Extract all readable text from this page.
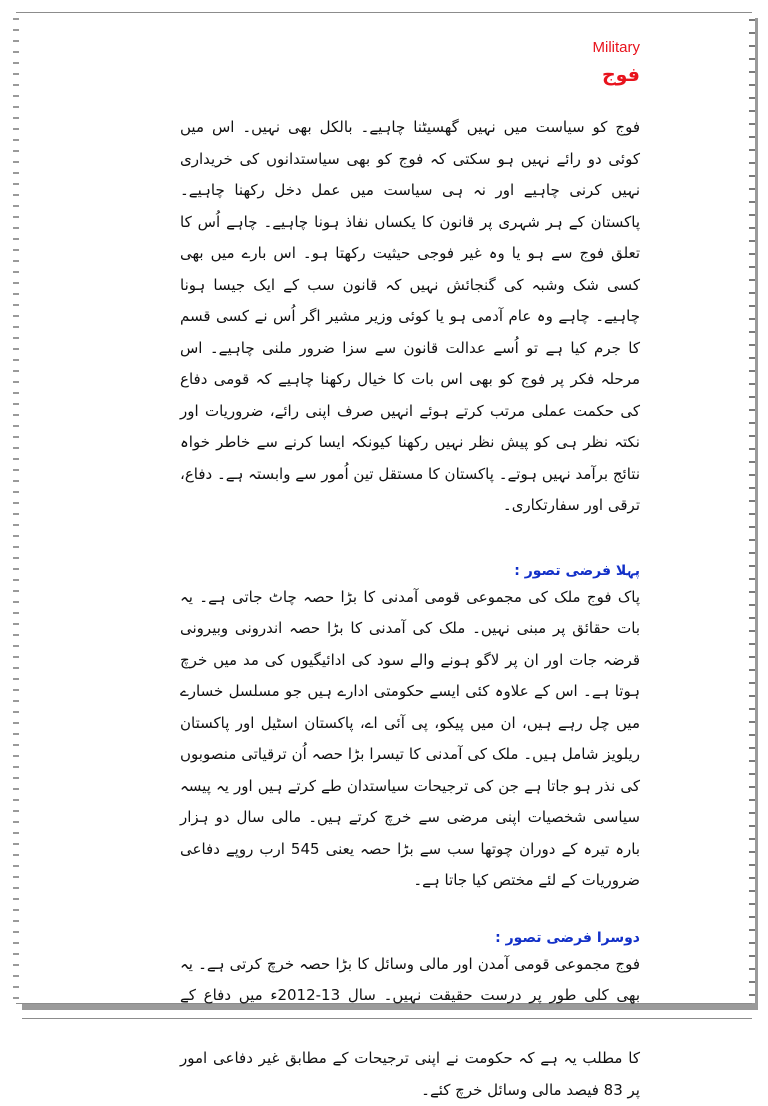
Military

فوج

فوج کو سیاست میں نہیں گھسیٹنا چاہیے۔ بالکل بھی نہیں۔ اس میں کوئی دو رائے نہیں ہو سکتی کہ فوج کو بھی سیاستدانوں کی خریداری نہیں کرنی چاہیے اور نہ ہی سیاست میں عمل دخل رکھنا چاہیے۔ پاکستان کے ہر شہری پر قانون کا یکساں نفاذ ہونا چاہیے۔ چاہے اُس کا تعلق فوج سے ہو یا وہ غیر فوجی حیثیت رکھتا ہو۔ اس بارے میں بھی کسی شک وشبہ کی گنجائش نہیں کہ قانون سب کے ایک جیسا ہونا چاہیے۔ چاہے وہ عام آدمی ہو یا کوئی وزیر مشیر اگر اُس نے کسی قسم کا جرم کیا ہے تو اُسے عدالت قانون سے سزا ضرور ملنی چاہیے۔ اس مرحلہ فکر پر فوج کو بھی اس بات کا خیال رکھنا چاہیے کہ قومی دفاع کی حکمت عملی مرتب کرتے ہوئے انہیں صرف اپنی رائے، ضروریات اور نکتہ نظر ہی کو پیش نظر نہیں رکھنا کیونکہ ایسا کرنے سے خاطر خواہ نتائج برآمد نہیں ہوتے۔ پاکستان کا مستقل تین اُمور سے وابستہ ہے۔ دفاع، ترقی اور سفارتکاری۔

پہلا فرضی تصور :

پاک فوج ملک کی مجموعی قومی آمدنی کا بڑا حصہ چاٹ جاتی ہے۔ یہ بات حقائق پر مبنی نہیں۔ ملک کی آمدنی کا بڑا حصہ اندرونی وبیرونی قرضہ جات اور ان پر لاگو ہونے والے سود کی ادائیگیوں کی مد میں خرچ ہوتا ہے۔ اس کے علاوہ کئی ایسے حکومتی ادارے ہیں جو مسلسل خسارے میں چل رہے ہیں، ان میں پیکو، پی آئی اے، پاکستان اسٹیل اور پاکستان ریلویز شامل ہیں۔ ملک کی آمدنی کا تیسرا بڑا حصہ اُن ترقیاتی منصوبوں کی نذر ہو جاتا ہے جن کی ترجیحات سیاستدان طے کرتے ہیں اور یہ پیسہ سیاسی شخصیات اپنی مرضی سے خرچ کرتے ہیں۔ مالی سال دو ہزار بارہ تیرہ کے دوران چوتھا سب سے بڑا حصہ یعنی 545 ارب روپے دفاعی ضروریات کے لئے مختص کیا جاتا ہے۔

دوسرا فرضی تصور :

فوج مجموعی قومی آمدن اور مالی وسائل کا بڑا حصہ خرچ کرتی ہے۔ یہ بھی کلی طور پر درست حقیقت نہیں۔ سال 13-2012ء میں دفاع کے کا مطلب یہ ہے کہ حکومت نے اپنی ترجیحات کے مطابق غیر دفاعی امور پر 83 فیصد مالی وسائل خرچ کئے۔
